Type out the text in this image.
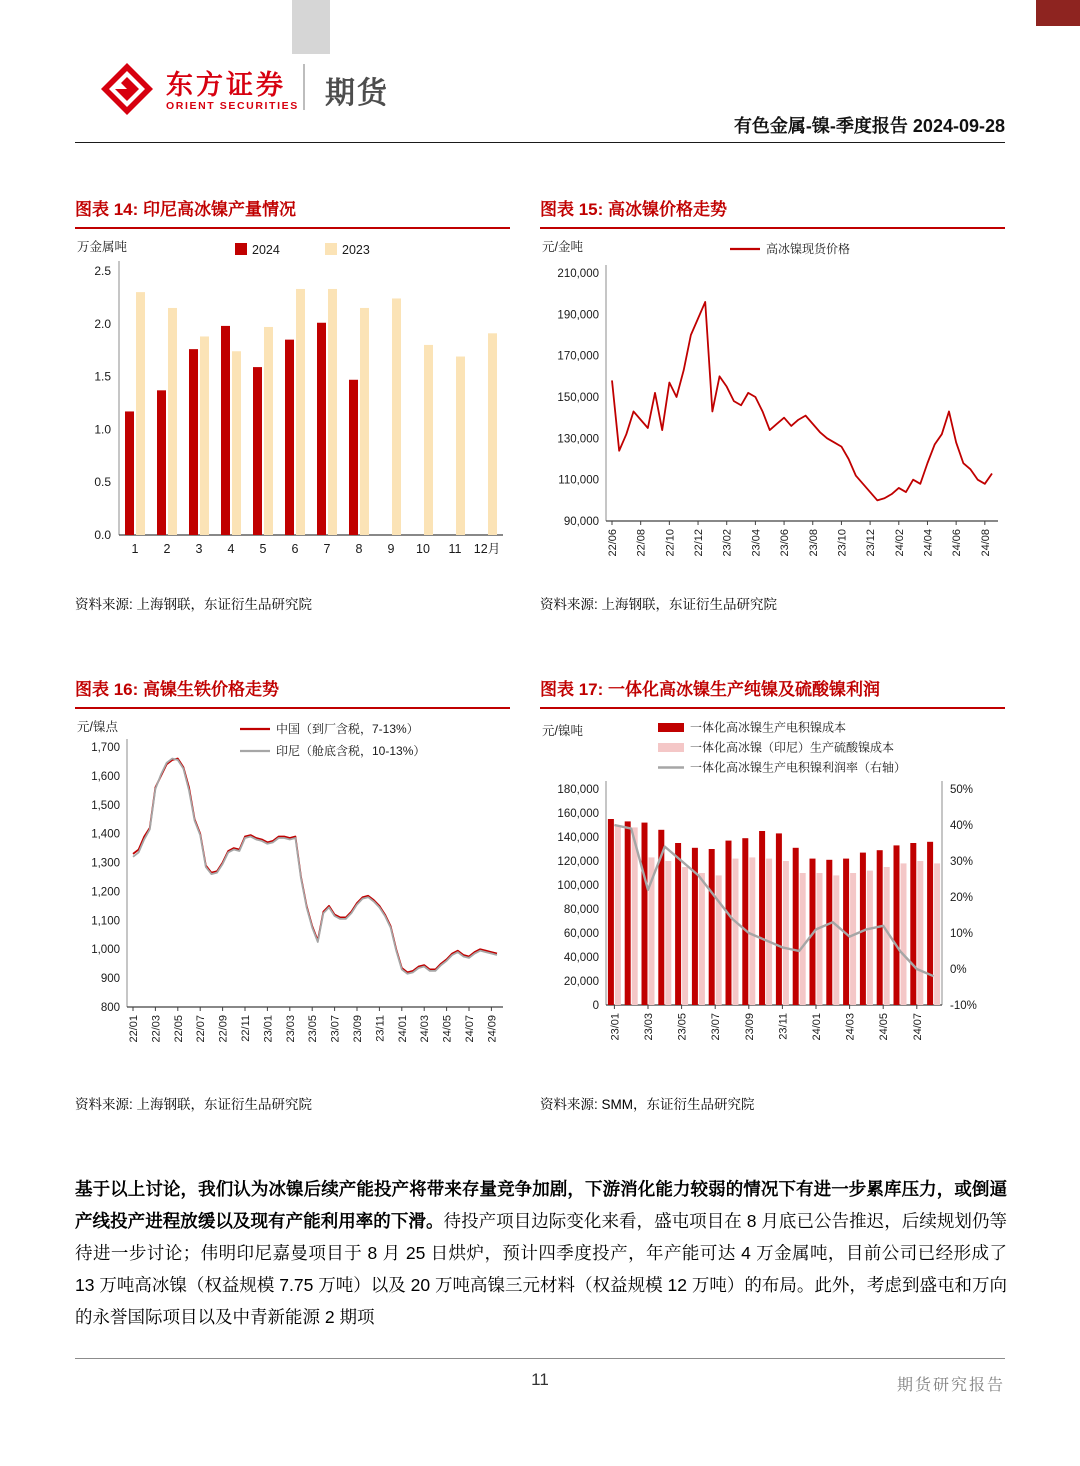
东方证券
ORIENT SECURITIES 期货
有色金属-镍-季度报告 2024-09-28
图表 14: 印尼高冰镍产量情况
0.0
0.5
1.0
1.5
2.0
2.5
1 2 3 4 5 6 7 8 9 10 11 12月
万金属吨	2024	2023
资料来源: 上海钢联，东证衍生品研究院
图表 15: 高冰镍价格走势
90,000
110,000
130,000
150,000
170,000
190,000
210,000
22/06 22/08 22/10 22/12 23/02 23/04 23/06 23/08 23/10 23/12 24/02 24/04 24/06 24/08
元/金吨	高冰镍现货价格
资料来源: 上海钢联，东证衍生品研究院
图表 16: 高镍生铁价格走势
800
900
1,000
1,100
1,200
1,300
1,400
1,500
1,600
1,700
22/01 22/03 22/05 22/07 22/09 22/11 23/01 23/03 23/05 23/07 23/09 23/11 24/01 24/03 24/05 24/07 24/09
元/镍点	中国（到厂含税，7-13%）
印尼（舱底含税，10-13%）
资料来源: 上海钢联，东证衍生品研究院
图表 17: 一体化高冰镍生产纯镍及硫酸镍利润
0
20,000
40,000
60,000
80,000
100,000
120,000
140,000
160,000
180,000
-10%
0%
10%
20%
30%
40%
50%
23/01 23/03 23/05 23/07 23/09 23/11 24/01 24/03 24/05 24/07
元/镍吨	一体化高冰镍生产电积镍成本
一体化高冰镍（印尼）生产硫酸镍成本
一体化高冰镍生产电积镍利润率（右轴）
资料来源: SMM，东证衍生品研究院

基于以上讨论，我们认为冰镍后续产能投产将带来存量竞争加剧，下游消化能力较弱的情况下有进一步累库压力，或倒逼产线投产进程放缓以及现有产能利用率的下滑。待投产项目边际变化来看，盛屯项目在 8 月底已公告推迟，后续规划仍等待进一步讨论；伟明印尼嘉曼项目于 8 月 25 日烘炉，预计四季度投产，年产能可达 4 万金属吨，目前公司已经形成了 13 万吨高冰镍（权益规模 7.75 万吨）以及 20 万吨高镍三元材料（权益规模 12 万吨）的布局。此外，考虑到盛屯和万向的永誉国际项目以及中青新能源 2 期项

11	期货研究报告
